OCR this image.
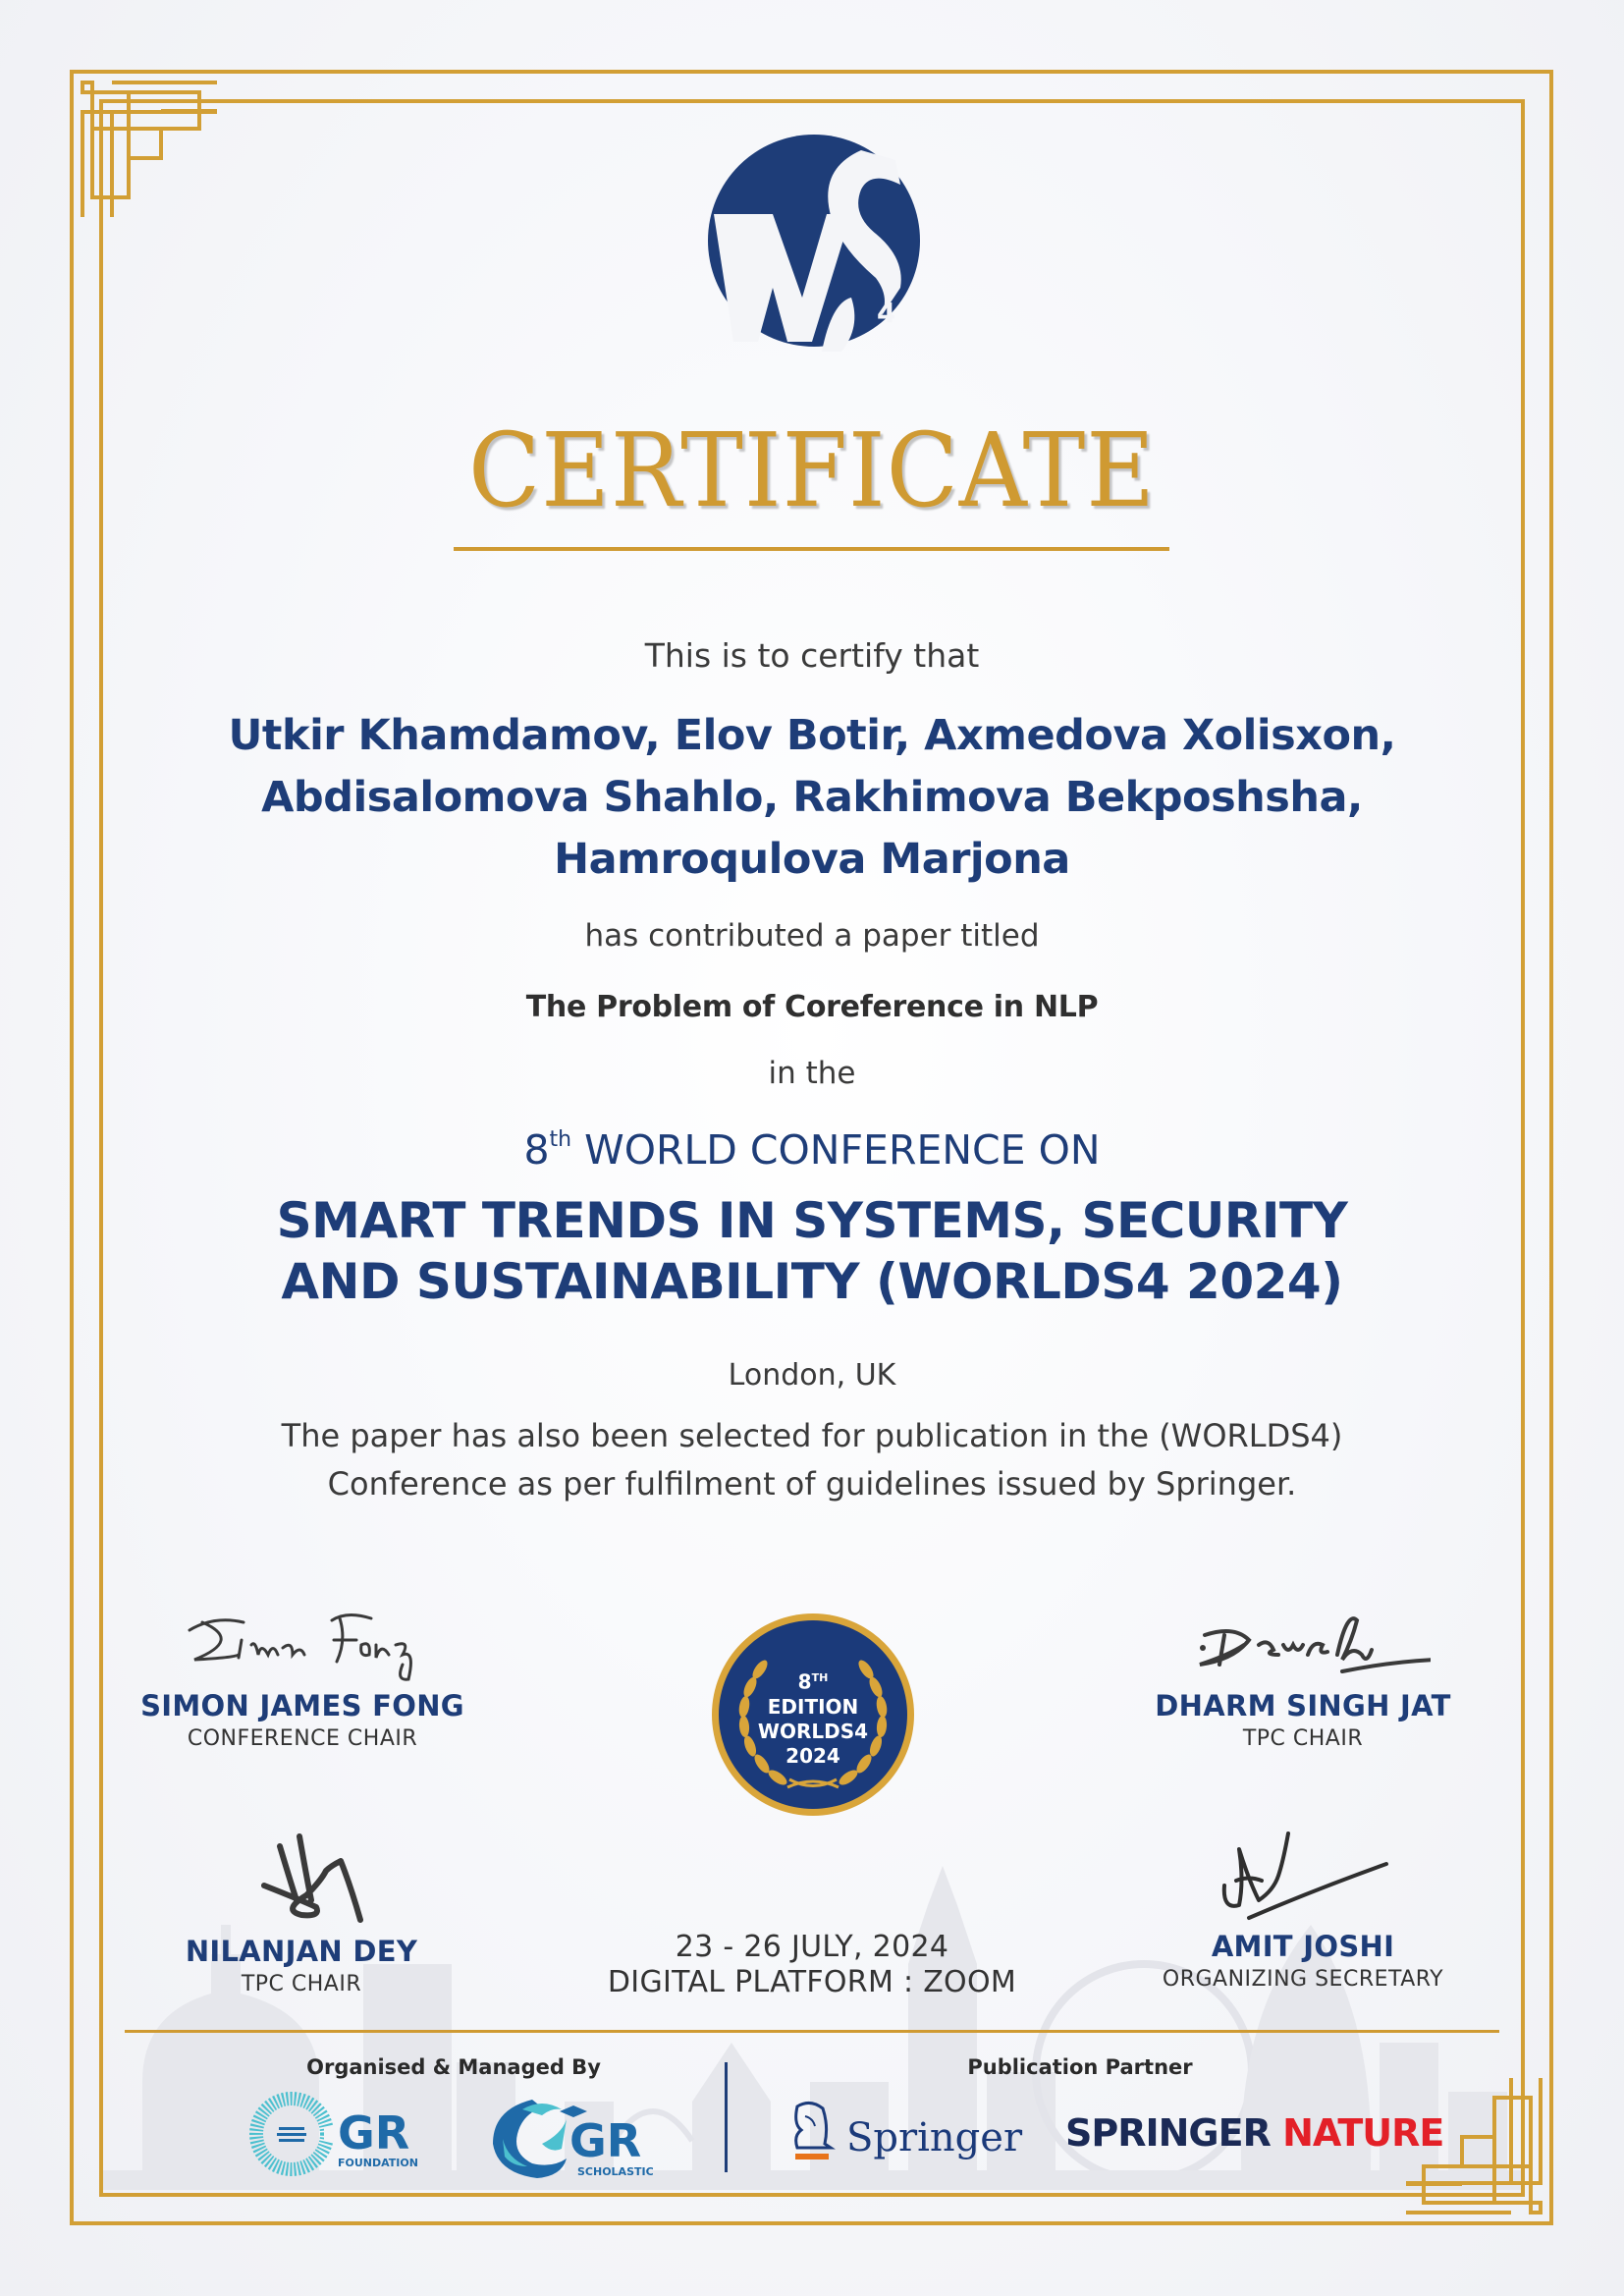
4
CERTIFICATE
This is to certify that
Utkir Khamdamov, Elov Botir, Axmedova Xolisxon, Abdisalomova Shahlo, Rakhimova Bekposhsha, Hamroqulova Marjona
has contributed a paper titled
The Problem of Coreference in NLP
in the
8th WORLD CONFERENCE ON
SMART TRENDS IN SYSTEMS, SECURITY
AND SUSTAINABILITY (WORLDS4 2024)
London, UK
The paper has also been selected for publication in the (WORLDS4)
Conference as per fulfilment of guidelines issued by Springer.
SIMON JAMES FONG
CONFERENCE CHAIR
DHARM SINGH JAT
TPC CHAIR
NILANJAN DEY
TPC CHAIR
AMIT JOSHI
ORGANIZING SECRETARY
8TH
EDITION
WORLDS4
2024
23 - 26 JULY, 2024
DIGITAL PLATFORM : ZOOM
Organised & Managed By	Publication Partner
GR
FOUNDATION	GR
SCHOLASTIC
Springer SPRINGER NATURE
